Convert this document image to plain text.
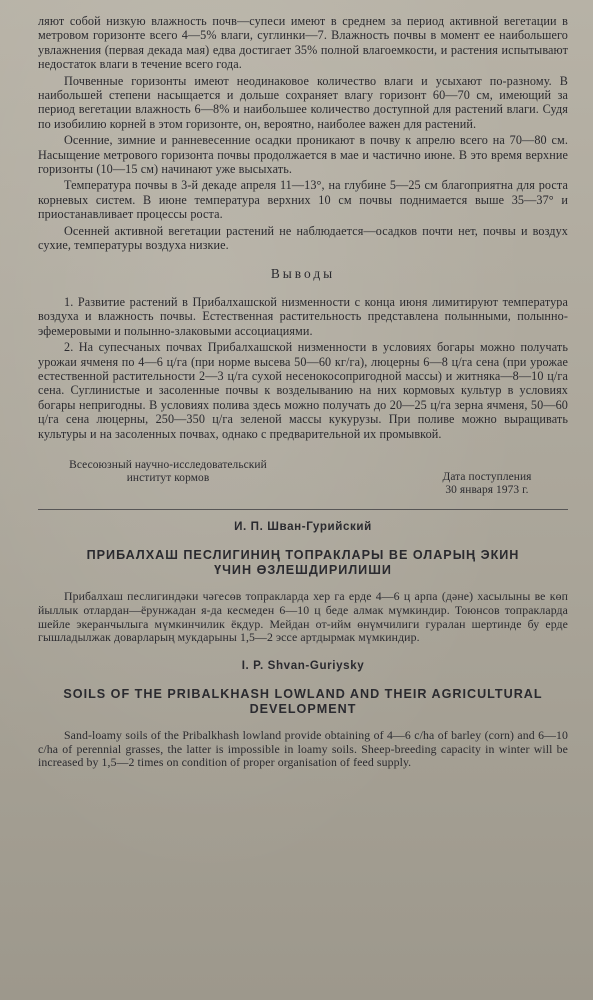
ляют собой низкую влажность почв—супеси имеют в среднем за период активной вегетации в метровом горизонте всего 4—5% влаги, суглинки—7. Влажность почвы в момент ее наибольшего увлажнения (первая декада мая) едва достигает 35% полной влагоемкости, и растения испытывают недостаток влаги в течение всего года.

Почвенные горизонты имеют неодинаковое количество влаги и усыхают по-разному. В наибольшей степени насыщается и дольше сохраняет влагу горизонт 60—70 см, имеющий за период вегетации влажность 6—8% и наибольшее количество доступной для растений влаги. Судя по изобилию корней в этом горизонте, он, вероятно, наиболее важен для растений.

Осенние, зимние и ранневесенние осадки проникают в почву к апрелю всего на 70—80 см. Насыщение метрового горизонта почвы продолжается в мае и частично июне. В это время верхние горизонты (10—15 см) начинают уже высыхать.

Температура почвы в 3-й декаде апреля 11—13°, на глубине 5—25 см благоприятна для роста корневых систем. В июне температура верхних 10 см почвы поднимается выше 35—37° и приостанавливает процессы роста.

Осенней активной вегетации растений не наблюдается—осадков почти нет, почвы и воздух сухие, температуры воздуха низкие.

Выводы

1. Развитие растений в Прибалхашской низменности с конца июня лимитируют температура воздуха и влажность почвы. Естественная растительность представлена полынными, полынно-эфемеровыми и полынно-злаковыми ассоциациями.

2. На супесчаных почвах Прибалхашской низменности в условиях богары можно получать урожаи ячменя по 4—6 ц/га (при норме высева 50—60 кг/га), люцерны 6—8 ц/га сена (при урожае естественной растительности 2—3 ц/га сухой несенокосопригодной массы) и житняка—8—10 ц/га сена. Суглинистые и засоленные почвы к возделыванию на них кормовых культур в условиях богары непригодны. В условиях полива здесь можно получать до 20—25 ц/га зерна ячменя, 50—60 ц/га сена люцерны, 250—350 ц/га зеленой массы кукурузы. При поливе можно выращивать культуры и на засоленных почвах, однако с предварительной их промывкой.

Всесоюзный научно-исследовательский
институт кормов	Дата поступления
30 января 1973 г.
И. П. Шван-Гурийский
ПРИБАЛХАШ ПЕСЛИГИНИҢ ТОПРАКЛАРЫ ВЕ ОЛАРЫҢ ЭКИН
ҮЧИН ӨЗЛЕШДИРИЛИШИ

Прибалхаш песлигиндәки чәгесөв топракларда хер га ерде 4—6 ц арпа (дәне) хасылыны ве көп йыллык отлардан—ёрунжадан я-да кесмеден 6—10 ц беде алмак мүмкиндир. Тоюнсов топракларда шейле экеранчылыга мүмкинчилик ёкдур. Мейдан от-ийм өнүмчилиги гуралан шертинде бу ерде гышладылжак доварларың мукдарыны 1,5—2 эссе артдырмак мүмкиндир.

I. P. Shvan-Guriysky
SOILS OF THE PRIBALKHASH LOWLAND AND THEIR AGRICULTURAL
DEVELOPMENT

Sand-loamy soils of the Pribalkhash lowland provide obtaining of 4—6 c/ha of barley (corn) and 6—10 c/ha of perennial grasses, the latter is impossible in loamy soils. Sheep-breeding capacity in winter will be increased by 1,5—2 times on condition of proper organisation of feed supply.
